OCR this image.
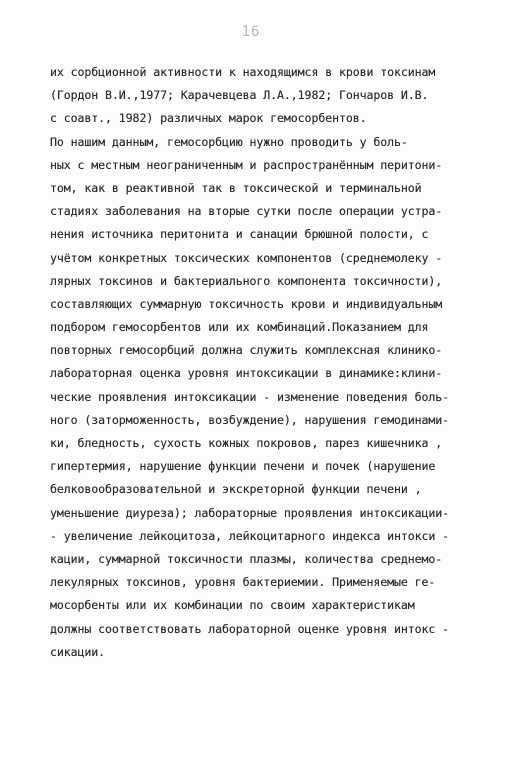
16
их сорбционной активности к находящимся в крови токсинам
(Гордон В.И.,1977; Карачевцева Л.А.,1982; Гончаров И.В.
с соавт., 1982) различных марок гемосорбентов.
По нашим данным, гемосорбцию нужно проводить у боль-
ных с местным неограниченным и распространённым перитони-
том, как в реактивной так в токсической и терминальной
стадиях заболевания на вторые сутки после операции устра-
нения источника перитонита и санации брюшной полости, с
учётом конкретных токсических компонентов (среднемолеку -
лярных токсинов и бактериального компонента токсичности),
составляющих суммарную токсичность крови и индивидуальным
подбором гемосорбентов или их комбинаций.Показанием для
повторных гемосорбций должна служить комплексная клинико-
лабораторная оценка уровня интоксикации в динамике:клини-
ческие проявления интоксикации - изменение поведения боль-
ного (заторможенность, возбуждение), нарушения гемодинами-
ки, бледность, сухость кожных покровов, парез кишечника ,
гипертермия, нарушение функции печени и почек (нарушение
белковообразовательной и экскреторной функции печени ,
уменьшение диуреза); лабораторные проявления интоксикации-
- увеличение лейкоцитоза, лейкоцитарного индекса интокси -
кации, суммарной токсичности плазмы, количества среднемо-
лекулярных токсинов, уровня бактериемии. Применяемые ге-
мосорбенты или их комбинации по своим характеристикам
должны соответствовать лабораторной оценке уровня интокс -
сикации.
